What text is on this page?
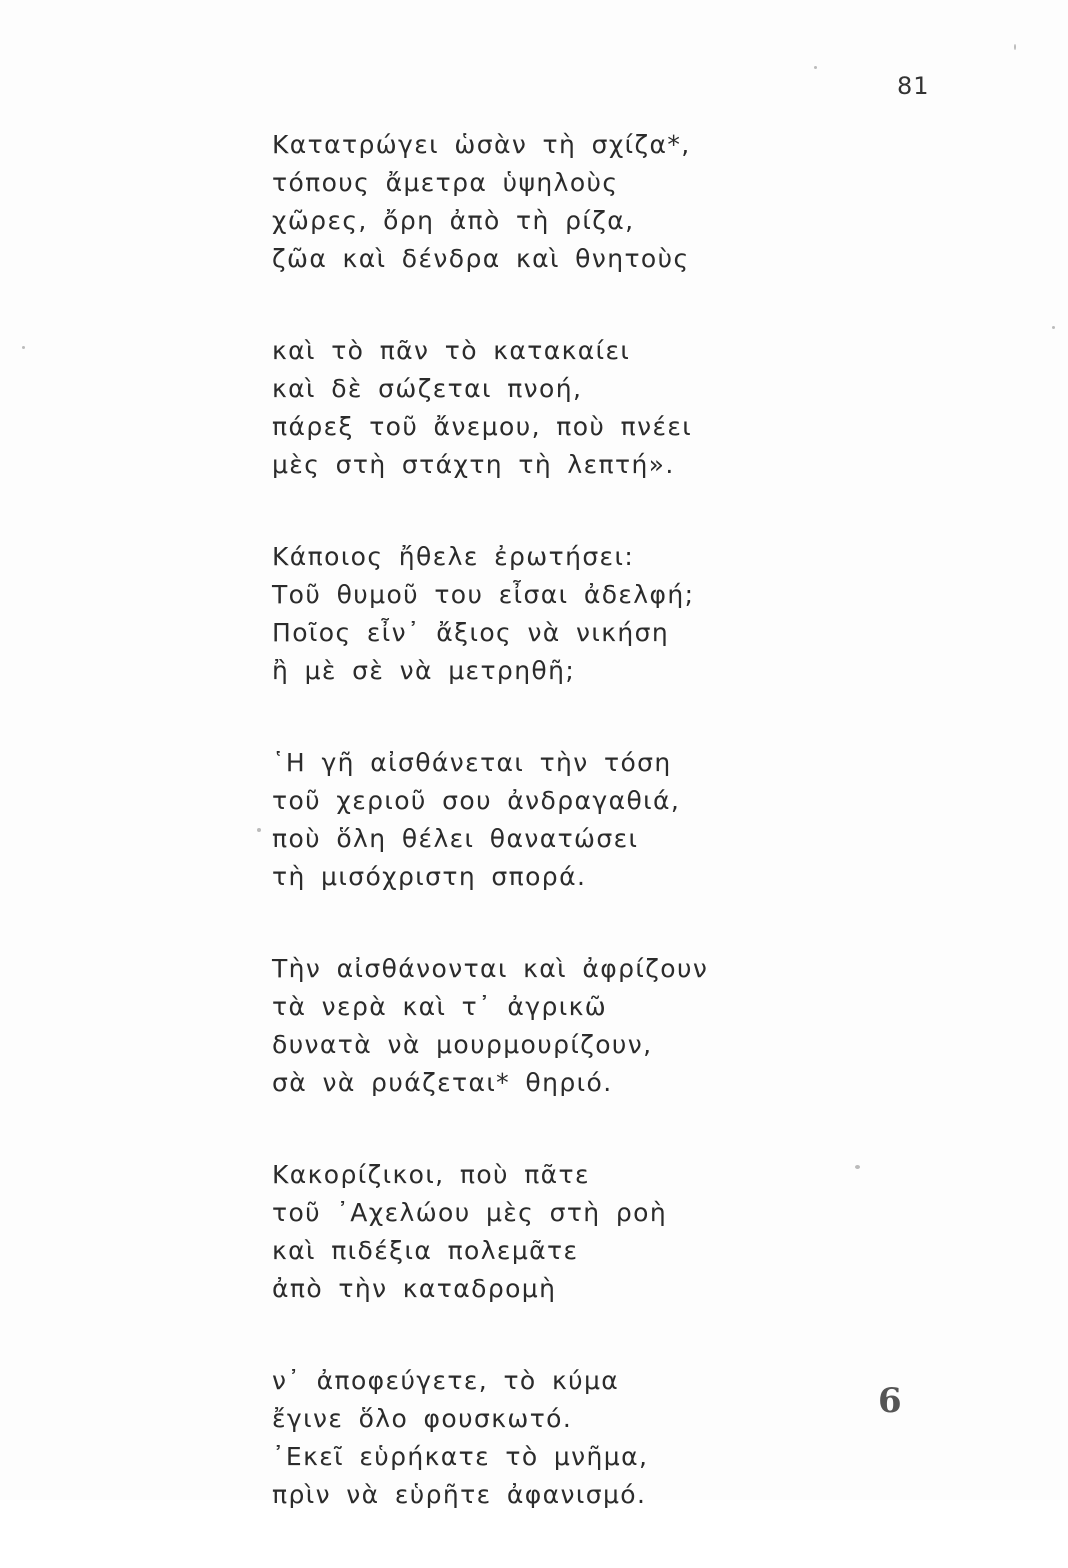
81
Κατατρώγει ὡσὰν τὴ σχίζα*,
τόπους ἄμετρα ὑψηλοὺς
χῶρες, ὄρη ἀπὸ τὴ ρίζα,
ζῶα καὶ δένδρα καὶ θνητοὺς
καὶ τὸ πᾶν τὸ κατακαίει
καὶ δὲ σώζεται πνοή,
πάρεξ τοῦ ἄνεμου, ποὺ πνέει
μὲς στὴ στάχτη τὴ λεπτή».
Κάποιος ἤθελε ἐρωτήσει:
Τοῦ θυμοῦ του εἶσαι ἀδελφή;
Ποῖος εἶν᾽ ἄξιος νὰ νικήση
ἢ μὲ σὲ νὰ μετρηθῆ;
῾Η γῆ αἰσθάνεται τὴν τόση
τοῦ χεριοῦ σου ἀνδραγαθιά,
ποὺ ὅλη θέλει θανατώσει
τὴ μισόχριστη σπορά.
Τὴν αἰσθάνονται καὶ ἀφρίζουν
τὰ νερὰ καὶ τ᾽ ἀγρικῶ
δυνατὰ νὰ μουρμουρίζουν,
σὰ νὰ ρυάζεται* θηριό.
Κακορίζικοι, ποὺ πᾶτε
τοῦ ᾽Αχελώου μὲς στὴ ροὴ
καὶ πιδέξια πολεμᾶτε
ἀπὸ τὴν καταδρομὴ
ν᾽ ἀποφεύγετε, τὸ κύμα
ἔγινε ὅλο φουσκωτό.
᾽Εκεῖ εὑρήκατε τὸ μνῆμα,
πρὶν νὰ εὑρῆτε ἀφανισμό.
6
